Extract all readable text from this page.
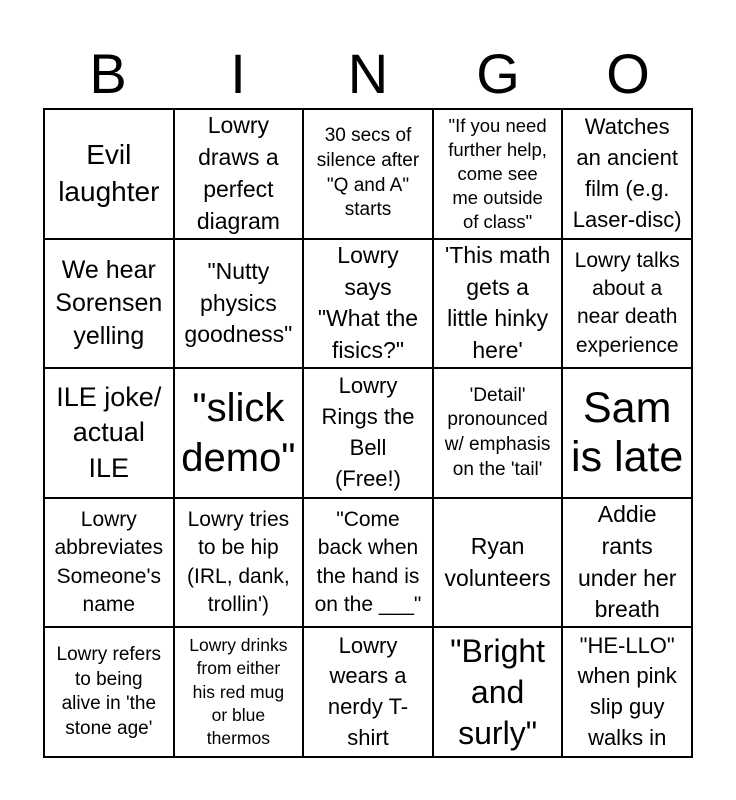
B	I	N	G	O
Evil
laughter
Lowry
draws a
perfect
diagram
30 secs of
silence after
"Q and A"
starts
"If you need
further help,
come see
me outside
of class"
Watches
an ancient
film (e.g.
Laser-disc)
We hear
Sorensen
yelling
"Nutty
physics
goodness"
Lowry
says
"What the
fisics?"
'This math
gets a
little hinky
here'
Lowry talks
about a
near death
experience
ILE joke/
actual
ILE
"slick
demo"
Lowry
Rings the
Bell
(Free!)
'Detail'
pronounced
w/ emphasis
on the 'tail'
Sam
is late
Lowry
abbreviates
Someone's
name
Lowry tries
to be hip
(IRL, dank,
trollin')
"Come
back when
the hand is
on the ___"
Ryan
volunteers
Addie
rants
under her
breath
Lowry refers
to being
alive in 'the
stone age'
Lowry drinks
from either
his red mug
or blue
thermos
Lowry
wears a
nerdy T-
shirt
"Bright
and
surly"
"HE-LLO"
when pink
slip guy
walks in
